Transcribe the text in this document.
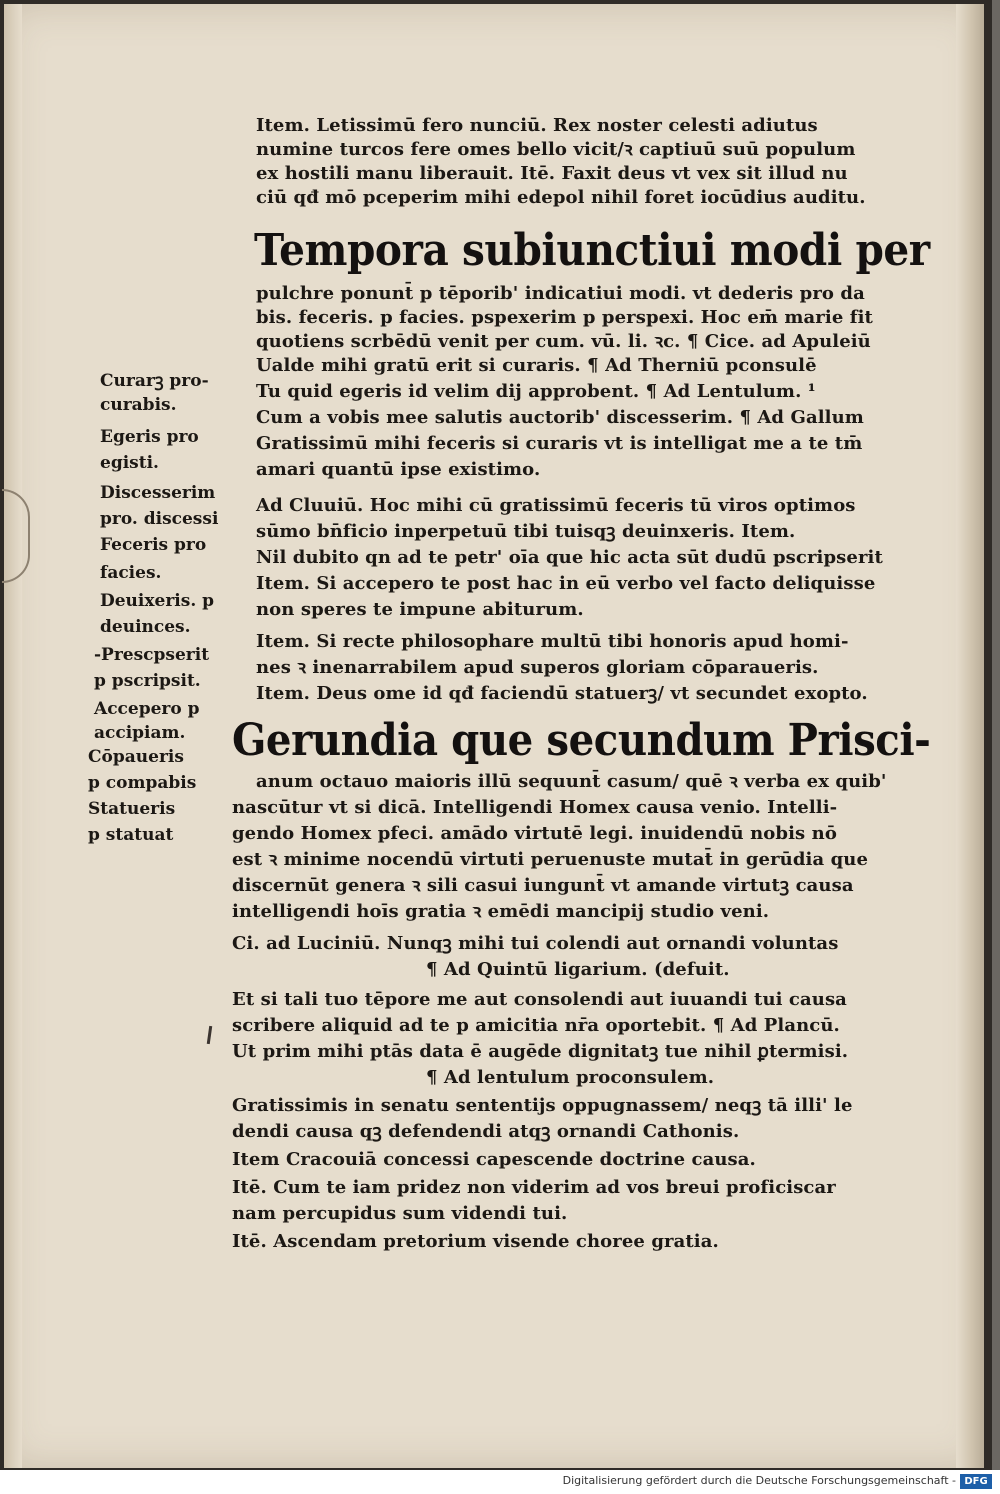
Item. Letissimū fero nunciū. Rex noster celesti adiutus
numine turcos fere omes bello vicit/ꝛ captiuū suū populum
ex hostili manu liberauit. Itē. Faxit deus vt vex sit illud nu
ciū qđ mō pceperim mihi edepol nihil foret iocūdius auditu.
Tempora subiunctiui modi per
pulchre ponunt̄ p tēporib' indicatiui modi. vt dederis pro da
bis. feceris. p facies. pspexerim p perspexi. Hoc em̄ marie fit
quotiens scrbēdū venit per cum. vū. li. ꝛc. ¶ Cice. ad Apuleiū
Ualde mihi gratū erit si curaris. ¶ Ad Therniū pconsulē
Tu quid egeris id velim dij approbent. ¶ Ad Lentulum. ¹
Cum a vobis mee salutis auctorib' discesserim. ¶ Ad Gallum
Gratissimū mihi feceris si curaris vt is intelligat me a te tm̄
amari quantū ipse existimo.
Ad Cluuiū. Hoc mihi cū gratissimū feceris tū viros optimos
sūmo bn̄ficio inperpetuū tibi tuisqꝫ deuinxeris. Item.
Nil dubito qn ad te petr' oīa que hic acta sūt dudū pscripserit
Item. Si accepero te post hac in eū verbo vel facto deliquisse
non speres te impune abiturum.
Item. Si recte philosophare multū tibi honoris apud homi-
nes ꝛ inenarrabilem apud superos gloriam cōparaueris.
Item. Deus ome id qđ faciendū statuerꝫ/ vt secundet exopto.
Gerundia que secundum Prisci-
anum octauo maioris illū sequunt̄ casum/ quē ꝛ verba ex quib'
nascūtur vt si dicā. Intelligendi Homex causa venio. Intelli-
gendo Homex pfeci. amādo virtutē legi. inuidendū nobis nō
est ꝛ minime nocendū virtuti peruenuste mutat̄ in gerūdia que
discernūt genera ꝛ sili casui iungunt̄ vt amande virtutꝫ causa
intelligendi hoīs gratia ꝛ emēdi mancipij studio veni.
Ci. ad Luciniū. Nunqꝫ mihi tui colendi aut ornandi voluntas
¶ Ad Quintū ligarium. (defuit.
Et si tali tuo tēpore me aut consolendi aut iuuandi tui causa
scribere aliquid ad te p amicitia nr̄a oportebit. ¶ Ad Plancū.
Ut prim mihi ptās data ē augēde dignitatꝫ tue nihil ꝑtermisi.
¶ Ad lentulum proconsulem.
Gratissimis in senatu sententijs oppugnassem/ neqꝫ tā illi' le
dendi causa qꝫ defendendi atqꝫ ornandi Cathonis.
Item Cracouiā concessi capescende doctrine causa.
Itē. Cum te iam pridez non viderim ad vos breui proficiscar
nam percupidus sum videndi tui.
Itē. Ascendam pretorium visende choree gratia.
Curarꝫ pro-
curabis.
Egeris pro
egisti.
Discesserim
pro. discessi
Feceris pro
facies.
Deuixeris. p
deuinces.
-Prescpserit
p pscripsit.
Accepero p
accipiam.
Cōpaueris
p compabis
Statueris
p statuat
Digitalisierung gefördert durch die Deutsche Forschungsgemeinschaft - DFG
